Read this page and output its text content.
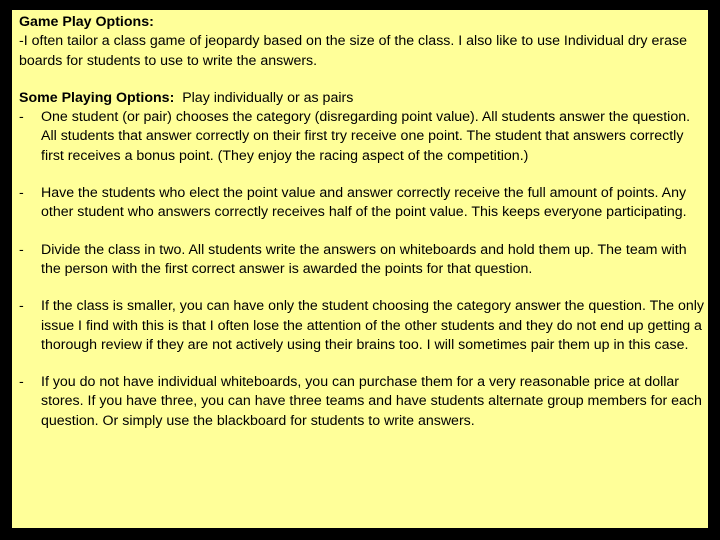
Game Play Options:
-I often tailor a class game of jeopardy based on the size of the class. I also like to use Individual dry erase boards for students to use to write the answers.

Some Playing Options: Play individually or as pairs

- One student (or pair) chooses the category (disregarding point value). All students answer the question. All students that answer correctly on their first try receive one point. The student that answers correctly first receives a bonus point. (They enjoy the racing aspect of the competition.)

- Have the students who elect the point value and answer correctly receive the full amount of points. Any other student who answers correctly receives half of the point value. This keeps everyone participating.

- Divide the class in two. All students write the answers on whiteboards and hold them up. The team with the person with the first correct answer is awarded the points for that question.

- If the class is smaller, you can have only the student choosing the category answer the question. The only issue I find with this is that I often lose the attention of the other students and they do not end up getting a thorough review if they are not actively using their brains too. I will sometimes pair them up in this case.

- If you do not have individual whiteboards, you can purchase them for a very reasonable price at dollar stores. If you have three, you can have three teams and have students alternate group members for each question. Or simply use the blackboard for students to write answers.
